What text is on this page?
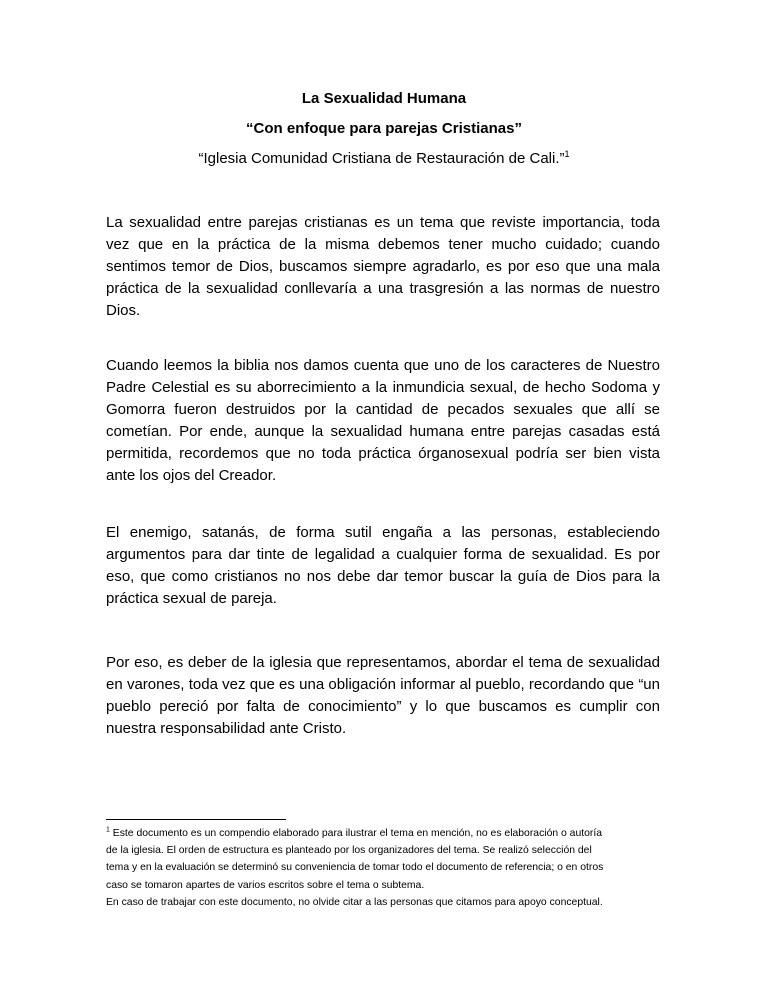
La Sexualidad Humana
“Con enfoque para parejas Cristianas”
“Iglesia Comunidad Cristiana de Restauración de Cali.”$^1$

La sexualidad entre parejas cristianas es un tema que reviste importancia, toda vez que en la práctica de la misma debemos tener mucho cuidado; cuando sentimos temor de Dios, buscamos siempre agradarlo, es por eso que una mala práctica de la sexualidad conllevaría a una trasgresión a las normas de nuestro Dios.

Cuando leemos la biblia nos damos cuenta que uno de los caracteres de Nuestro Padre Celestial es su aborrecimiento a la inmundicia sexual, de hecho Sodoma y Gomorra fueron destruidos por la cantidad de pecados sexuales que allí se cometían. Por ende, aunque la sexualidad humana entre parejas casadas está permitida, recordemos que no toda práctica órganosexual podría ser bien vista ante los ojos del Creador.

El enemigo, satanás, de forma sutil engaña a las personas, estableciendo argumentos para dar tinte de legalidad a cualquier forma de sexualidad. Es por eso, que como cristianos no nos debe dar temor buscar la guía de Dios para la práctica sexual de pareja.

Por eso, es deber de la iglesia que representamos, abordar el tema de sexualidad en varones, toda vez que es una obligación informar al pueblo, recordando que “un pueblo pereció por falta de conocimiento” y lo que buscamos es cumplir con nuestra responsabilidad ante Cristo.

$^1$ Este documento es un compendio elaborado para ilustrar el tema en mención, no es elaboración o autoría
de la iglesia. El orden de estructura es planteado por los organizadores del tema. Se realizó selección del
tema y en la evaluación se determinó su conveniencia de tomar todo el documento de referencia; o en otros
caso se tomaron apartes de varios escritos sobre el tema o subtema.
En caso de trabajar con este documento, no olvide citar a las personas que citamos para apoyo conceptual.
